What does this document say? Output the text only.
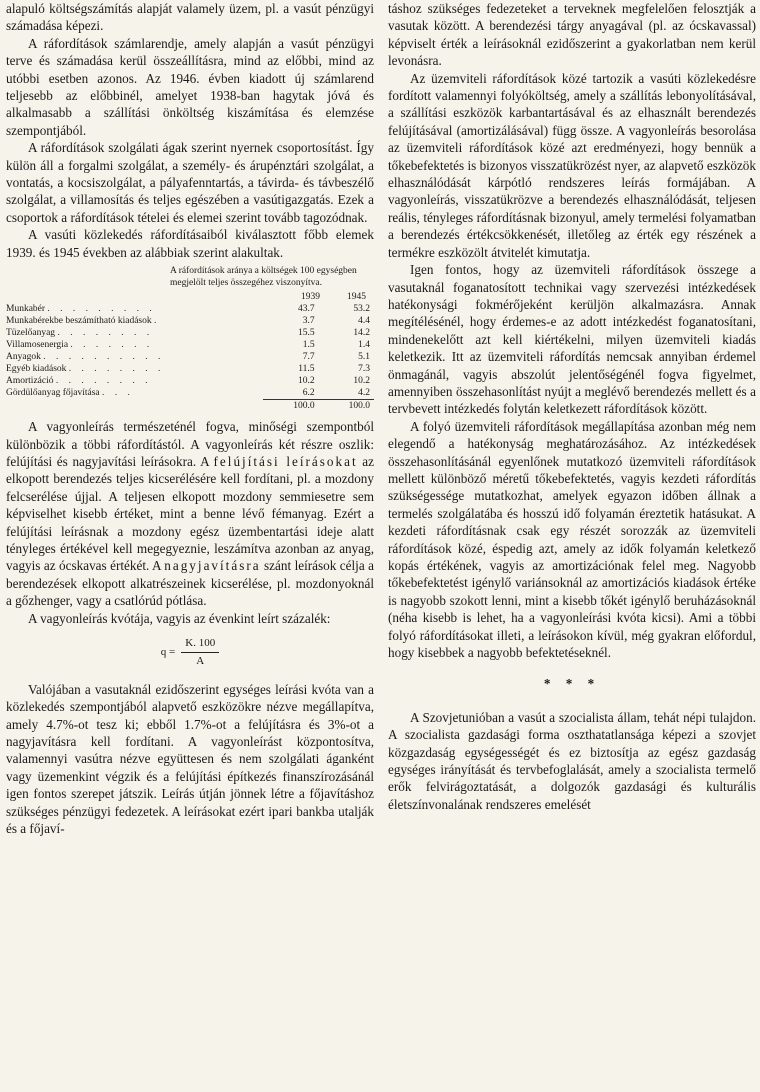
alapuló költségszámítás alapját valamely üzem, pl. a vasút pénzügyi számadása képezi.

A ráfordítások számlarendje, amely alapján a vasút pénzügyi terve és számadása kerül összeállításra, mind az előbbi, mind az utóbbi esetben azonos. Az 1946. évben kiadott új számlarend teljesebb az előbbinél, amelyet 1938-ban hagytak jóvá és alkalmasabb a szállítási önköltség kiszámítása és elemzése szempontjából.

A ráfordítások szolgálati ágak szerint nyernek csoportosítást. Így külön áll a forgalmi szolgálat, a személy- és árupénztári szolgálat, a vontatás, a kocsiszolgálat, a pályafenntartás, a távirda- és távbeszélő szolgálat, a villamosítás és teljes egészében a vasútigazgatás. Ezek a csoportok a ráfordítások tételei és elemei szerint tovább tagozódnak.

A vasúti közlekedés ráfordításaiból kiválasztott főbb elemek 1939. és 1945 években az alábbiak szerint alakultak.

A ráfordítások aránya a költségek 100 egységben megjelölt teljes összegéhez viszonyítva.
1939	1945
Munkabér . . . . . . . . .	43.7	53.2
Munkabérekbe beszámítható kiadások .	3.7	4.4
Tüzelőanyag . . . . . . . .	15.5	14.2
Villamosenergia . . . . . . .	1.5	1.4
Anyagok . . . . . . . . . .	7.7	5.1
Egyéb kiadások . . . . . . . .	11.5	7.3
Amortizáció . . . . . . . .	10.2	10.2
Gördülőanyag főjavítása . . .	6.2	4.2
	100.0	100.0

A vagyonleírás természeténél fogva, minőségi szempontból különbözik a többi ráfordítástól. A vagyonleírás két részre oszlik: felújítási és nagyjavítási leírásokra. A felújítási leírásokat az elkopott berendezés teljes kicserélésére kell fordítani, pl. a mozdony felcserélése újjal. A teljesen elkopott mozdony semmiesetre sem képviselhet kisebb értéket, mint a benne lévő fémanyag. Ezért a felújítási leírásnak a mozdony egész üzembentartási ideje alatt tényleges értékével kell megegyeznie, leszámítva azonban az anyag, vagyis az ócskavas értékét. A nagyjavításra szánt leírások célja a berendezések elkopott alkatrészeinek kicserélése, pl. mozdonyoknál a gőzhenger, vagy a csatlórúd pótlása.

A vagyonleírás kvótája, vagyis az évenkint leírt százalék:

$q = \frac{K. 100}{A}$

Valójában a vasutaknál ezidőszerint egységes leírási kvóta van a közlekedés szempontjából alapvető eszközökre nézve megállapítva, amely 4.7%-ot tesz ki; ebből 1.7%-ot a felújításra és 3%-ot a nagyjavításra kell fordítani. A vagyonleírást központosítva, valamennyi vasútra nézve együttesen és nem szolgálati áganként vagy üzemenkint végzik és a felújítási építkezés finanszírozásánál igen fontos szerepet játszik. Leírás útján jönnek létre a főjavításhoz szükséges pénzügyi fedezetek. A leírásokat ezért ipari bankba utalják és a főjaví-

táshoz szükséges fedezeteket a terveknek megfelelően felosztják a vasutak között. A berendezési tárgy anyagával (pl. az ócskavassal) képviselt érték a leírásoknál ezidőszerint a gyakorlatban nem kerül levonásra.

Az üzemviteli ráfordítások közé tartozik a vasúti közlekedésre fordított valamennyi folyóköltség, amely a szállítás lebonyolításával, a szállítási eszközök karbantartásával és az elhasznált berendezés felújításával (amortizálásával) függ össze. A vagyonleírás besorolása az üzemviteli ráfordítások közé azt eredményezi, hogy bennük a tőkebefektetés is bizonyos visszatükrözést nyer, az alapvető eszközök elhasználódását kárpótló rendszeres leírás formájában. A vagyonleírás, visszatükrözve a berendezés elhasználódását, teljesen reális, tényleges ráfordításnak bizonyul, amely termelési folyamatban a berendezés értékcsökkenését, illetőleg az érték egy részének a termékre eszközölt átvitelét kimutatja.

Igen fontos, hogy az üzemviteli ráfordítások összege a vasutaknál foganatosított technikai vagy szervezési intézkedések hatékonysági fokmérőjeként kerüljön alkalmazásra. Annak megítélésénél, hogy érdemes-e az adott intézkedést foganatosítani, mindenekelőtt azt kell kiértékelni, milyen üzemviteli kiadás keletkezik. Itt az üzemviteli ráfordítás nemcsak annyiban érdemel önmagánál, vagyis abszolút jelentőségénél fogva figyelmet, amennyiben összehasonlítást nyújt a meglévő berendezés mellett és a tervbevett intézkedés folytán keletkezett ráfordítások között.

A folyó üzemviteli ráfordítások megállapítása azonban még nem elegendő a hatékonyság meghatározásához. Az intézkedések összehasonlításánál egyenlőnek mutatkozó üzemviteli ráfordítások mellett különböző méretű tőkebefektetés, vagyis kezdeti ráfordítás szükségessége mutatkozhat, amelyek egyazon időben állnak a termelés szolgálatába és hosszú idő folyamán éreztetik hatásukat. A kezdeti ráfordításnak csak egy részét sorozzák az üzemviteli ráfordítások közé, éspedig azt, amely az idők folyamán keletkező kopás értékének, vagyis az amortizációnak felel meg. Nagyobb tőkebefektetést igénylő variánsoknál az amortizációs kiadások értéke is nagyobb szokott lenni, mint a kisebb tőkét igénylő beruházásoknál (néha kisebb is lehet, ha a vagyonleírási kvóta kicsi). Ami a többi folyó ráfordításokat illeti, a leírásokon kívül, még gyakran előfordul, hogy kisebbek a nagyobb befektetéseknél.

* * *

A Szovjetunióban a vasút a szocialista állam, tehát népi tulajdon. A szocialista gazdasági forma oszthatatlansága képezi a szovjet közgazdaság egységességét és ez biztosítja az egész gazdaság egységes irányítását és tervbefoglalását, amely a szocialista termelő erők felvirágoztatását, a dolgozók gazdasági és kulturális életszínvonalának rendszeres emelését
